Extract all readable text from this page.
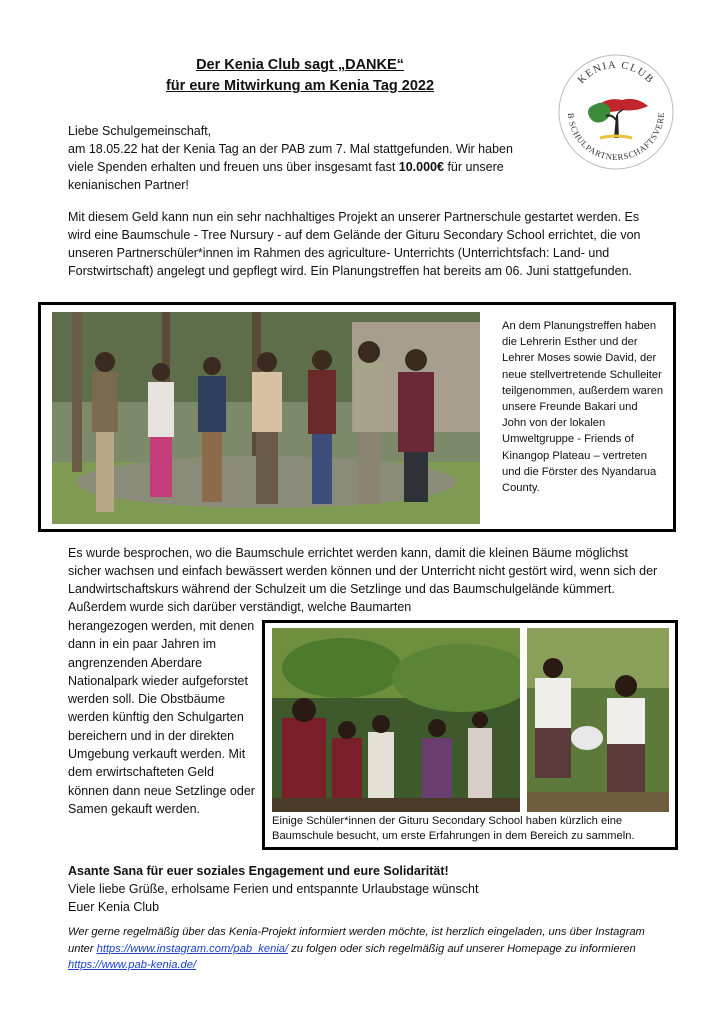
Der Kenia Club sagt „DANKE“
für eure Mitwirkung am Kenia Tag 2022	KENIA CLUB
B SCHULPARTNERSCHAFTSVERE
Liebe Schulgemeinschaft,
am 18.05.22 hat der Kenia Tag an der PAB zum 7. Mal stattgefunden. Wir haben viele Spenden erhalten und freuen uns über insgesamt fast 10.000€ für unsere kenianischen Partner!
Mit diesem Geld kann nun ein sehr nachhaltiges Projekt an unserer Partnerschule gestartet werden. Es wird eine Baumschule - Tree Nursury - auf dem Gelände der Gituru Secondary School errichtet, die von unseren Partnerschüler*innen im Rahmen des agriculture- Unterrichts (Unterrichtsfach: Land- und Forstwirtschaft) angelegt und gepflegt wird. Ein Planungstreffen hat bereits am 06. Juni stattgefunden.
An dem Planungstreffen haben die Lehrerin Esther und der Lehrer Moses sowie David, der neue stellvertretende Schulleiter teilgenommen, außerdem waren unsere Freunde Bakari und John von der lokalen Umweltgruppe - Friends of Kinangop Plateau – vertreten und die Förster des Nyandarua County.
Es wurde besprochen, wo die Baumschule errichtet werden kann, damit die kleinen Bäume möglichst sicher wachsen und einfach bewässert werden können und der Unterricht nicht gestört wird, wenn sich der Landwirtschaftskurs während der Schulzeit um die Setzlinge und das Baumschulgelände kümmert. Außerdem wurde sich darüber verständigt, welche Baumarten
herangezogen werden, mit denen dann in ein paar Jahren im angrenzenden Aberdare Nationalpark wieder aufgeforstet werden soll. Die Obstbäume werden künftig den Schulgarten bereichern und in der direkten Umgebung verkauft werden. Mit dem erwirtschafteten Geld können dann neue Setzlinge oder Samen gekauft werden.
Einige Schüler*innen der Gituru Secondary School haben kürzlich eine Baumschule besucht, um erste Erfahrungen in dem Bereich zu sammeln.
Asante Sana für euer soziales Engagement und eure Solidarität!
Viele liebe Grüße, erholsame Ferien und entspannte Urlaubstage wünscht
Euer Kenia Club
Wer gerne regelmäßig über das Kenia-Projekt informiert werden möchte, ist herzlich eingeladen, uns über Instagram unter https://www.instagram.com/pab_kenia/ zu folgen oder sich regelmäßig auf unserer Homepage zu informieren https://www.pab-kenia.de/
